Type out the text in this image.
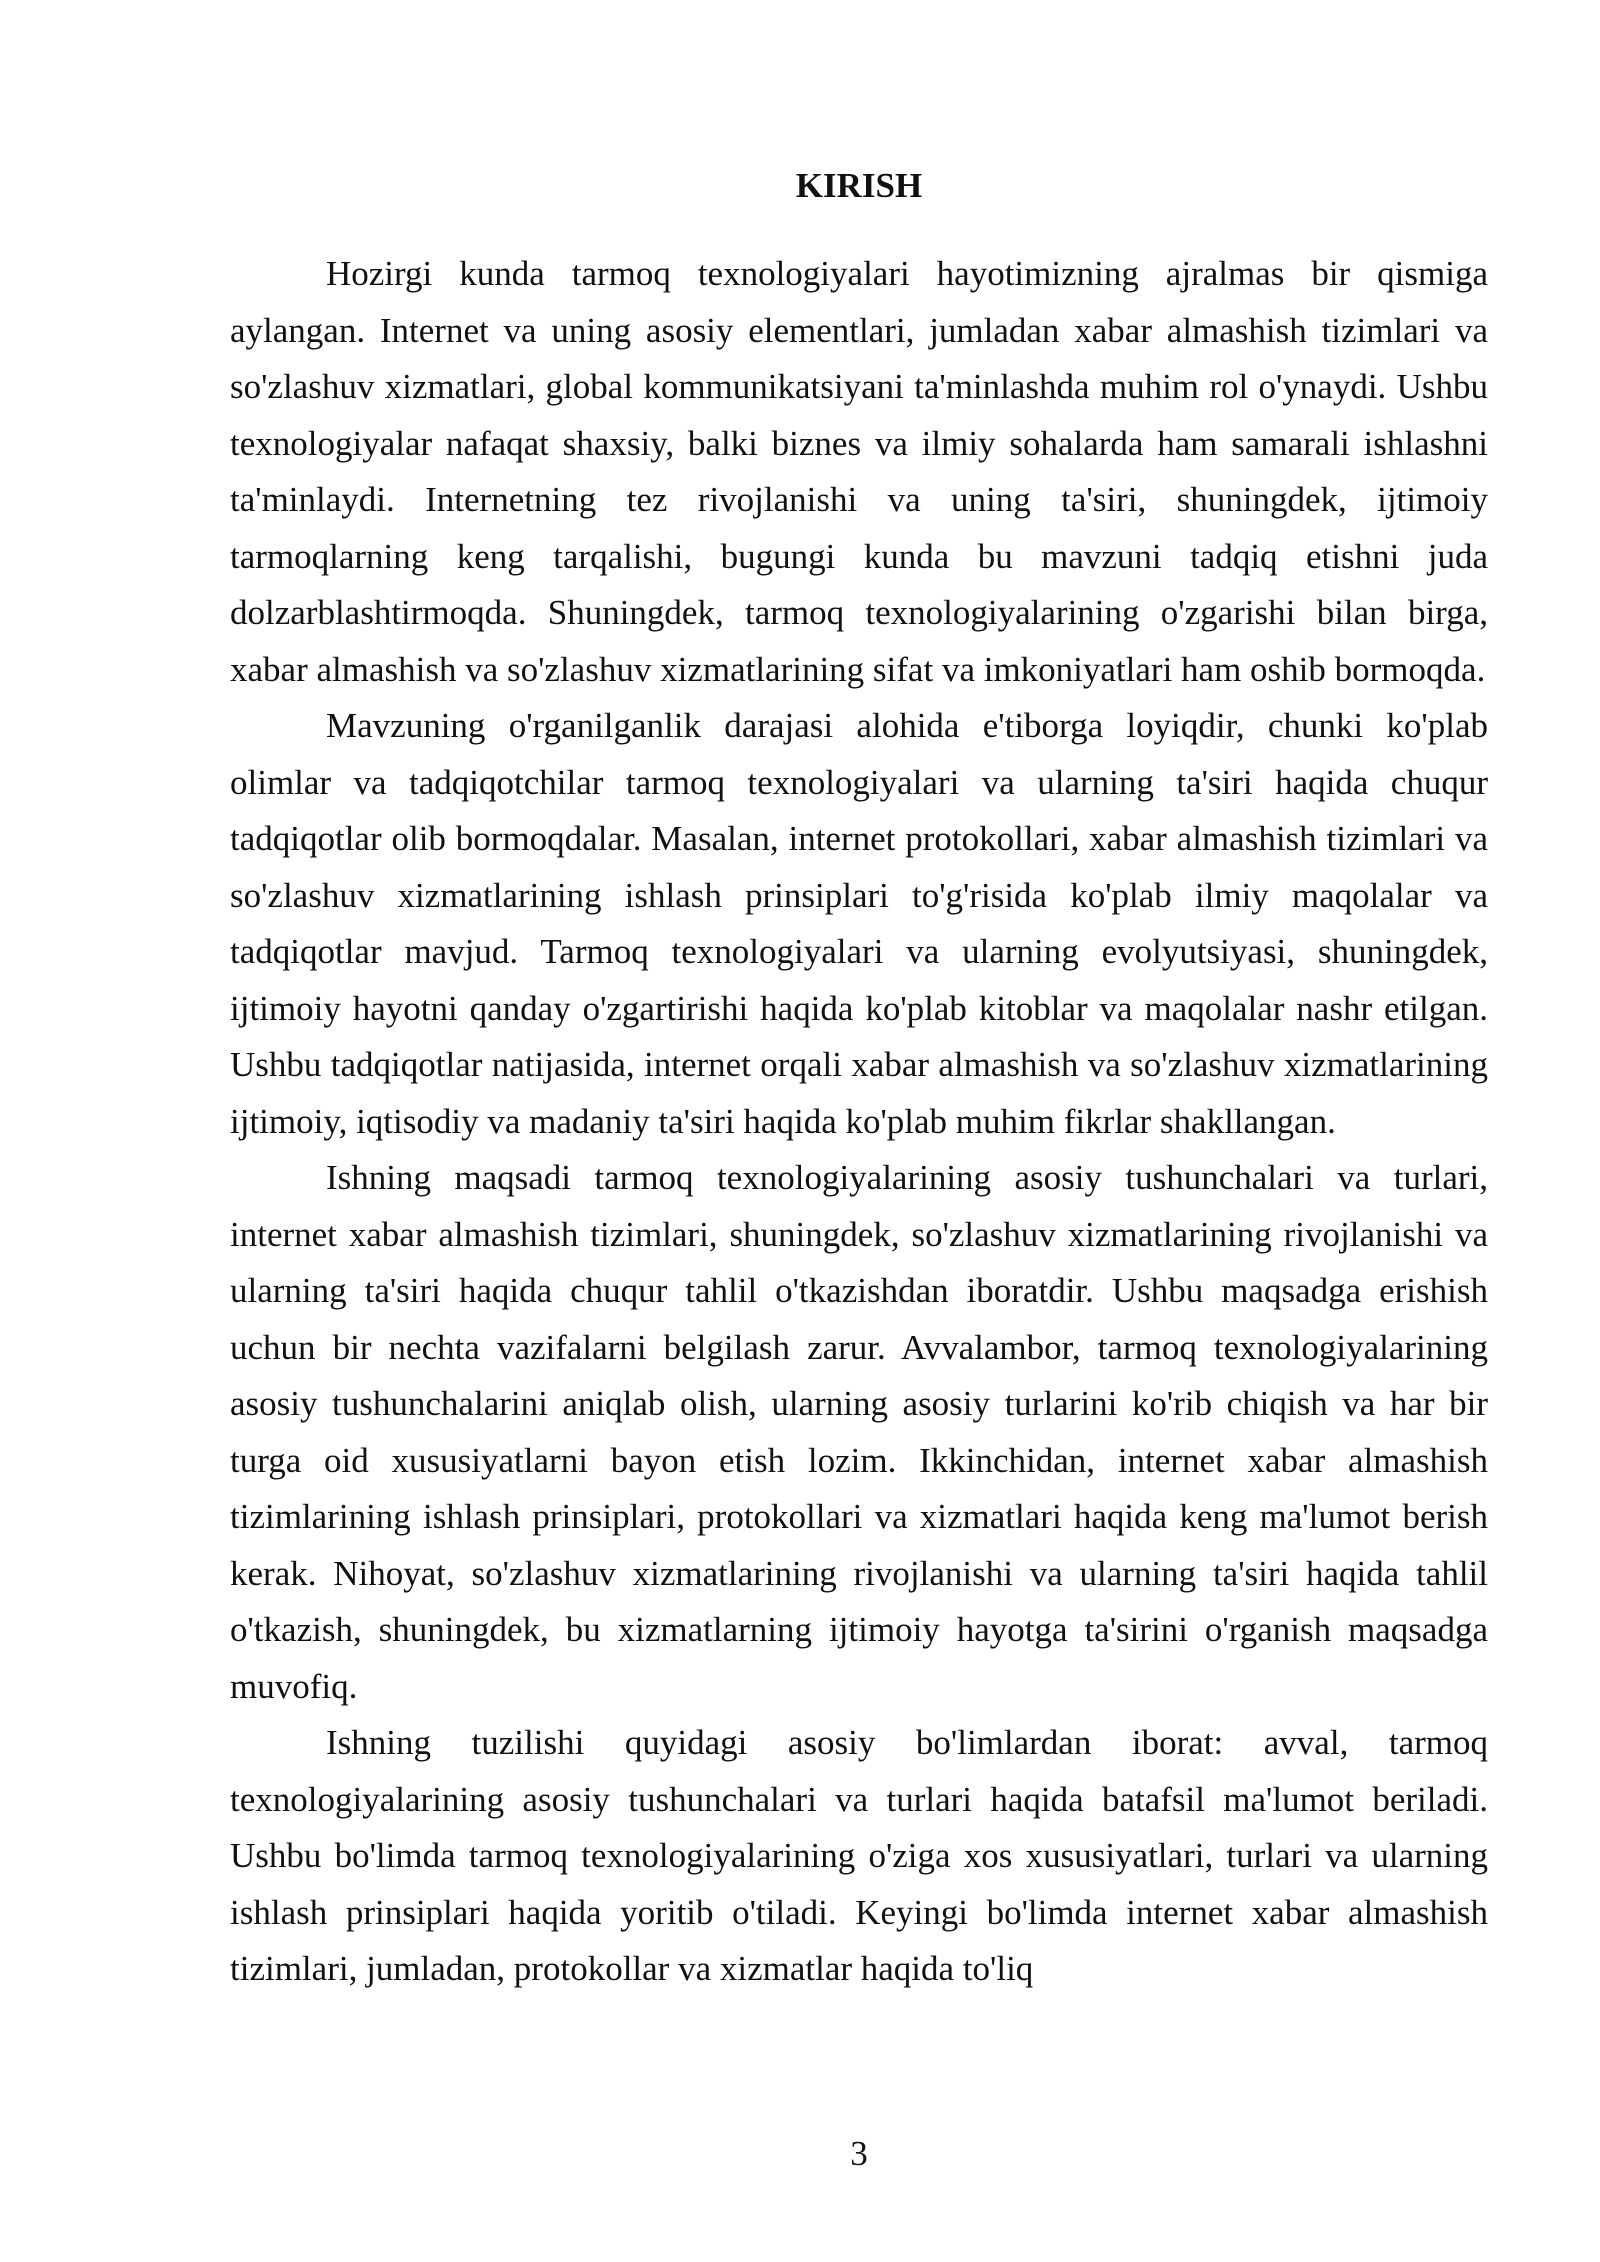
KIRISH

Hozirgi kunda tarmoq texnologiyalari hayotimizning ajralmas bir qismiga aylangan. Internet va uning asosiy elementlari, jumladan xabar almashish tizimlari va so'zlashuv xizmatlari, global kommunikatsiyani ta'minlashda muhim rol o'ynaydi. Ushbu texnologiyalar nafaqat shaxsiy, balki biznes va ilmiy sohalarda ham samarali ishlashni ta'minlaydi. Internetning tez rivojlanishi va uning ta'siri, shuningdek, ijtimoiy tarmoqlarning keng tarqalishi, bugungi kunda bu mavzuni tadqiq etishni juda dolzarblashtirmoqda. Shuningdek, tarmoq texnologiyalarining o'zgarishi bilan birga, xabar almashish va so'zlashuv xizmatlarining sifat va imkoniyatlari ham oshib bormoqda.

Mavzuning o'rganilganlik darajasi alohida e'tiborga loyiqdir, chunki ko'plab olimlar va tadqiqotchilar tarmoq texnologiyalari va ularning ta'siri haqida chuqur tadqiqotlar olib bormoqdalar. Masalan, internet protokollari, xabar almashish tizimlari va so'zlashuv xizmatlarining ishlash prinsiplari to'g'risida ko'plab ilmiy maqolalar va tadqiqotlar mavjud. Tarmoq texnologiyalari va ularning evolyutsiyasi, shuningdek, ijtimoiy hayotni qanday o'zgartirishi haqida ko'plab kitoblar va maqolalar nashr etilgan. Ushbu tadqiqotlar natijasida, internet orqali xabar almashish va so'zlashuv xizmatlarining ijtimoiy, iqtisodiy va madaniy ta'siri haqida ko'plab muhim fikrlar shakllangan.

Ishning maqsadi tarmoq texnologiyalarining asosiy tushunchalari va turlari, internet xabar almashish tizimlari, shuningdek, so'zlashuv xizmatlarining rivojlanishi va ularning ta'siri haqida chuqur tahlil o'tkazishdan iboratdir. Ushbu maqsadga erishish uchun bir nechta vazifalarni belgilash zarur. Avvalambor, tarmoq texnologiyalarining asosiy tushunchalarini aniqlab olish, ularning asosiy turlarini ko'rib chiqish va har bir turga oid xususiyatlarni bayon etish lozim. Ikkinchidan, internet xabar almashish tizimlarining ishlash prinsiplari, protokollari va xizmatlari haqida keng ma'lumot berish kerak. Nihoyat, so'zlashuv xizmatlarining rivojlanishi va ularning ta'siri haqida tahlil o'tkazish, shuningdek, bu xizmatlarning ijtimoiy hayotga ta'sirini o'rganish maqsadga muvofiq.

Ishning tuzilishi quyidagi asosiy bo'limlardan iborat: avval, tarmoq texnologiyalarining asosiy tushunchalari va turlari haqida batafsil ma'lumot beriladi. Ushbu bo'limda tarmoq texnologiyalarining o'ziga xos xususiyatlari, turlari va ularning ishlash prinsiplari haqida yoritib o'tiladi. Keyingi bo'limda internet xabar almashish tizimlari, jumladan, protokollar va xizmatlar haqida to'liq

3
